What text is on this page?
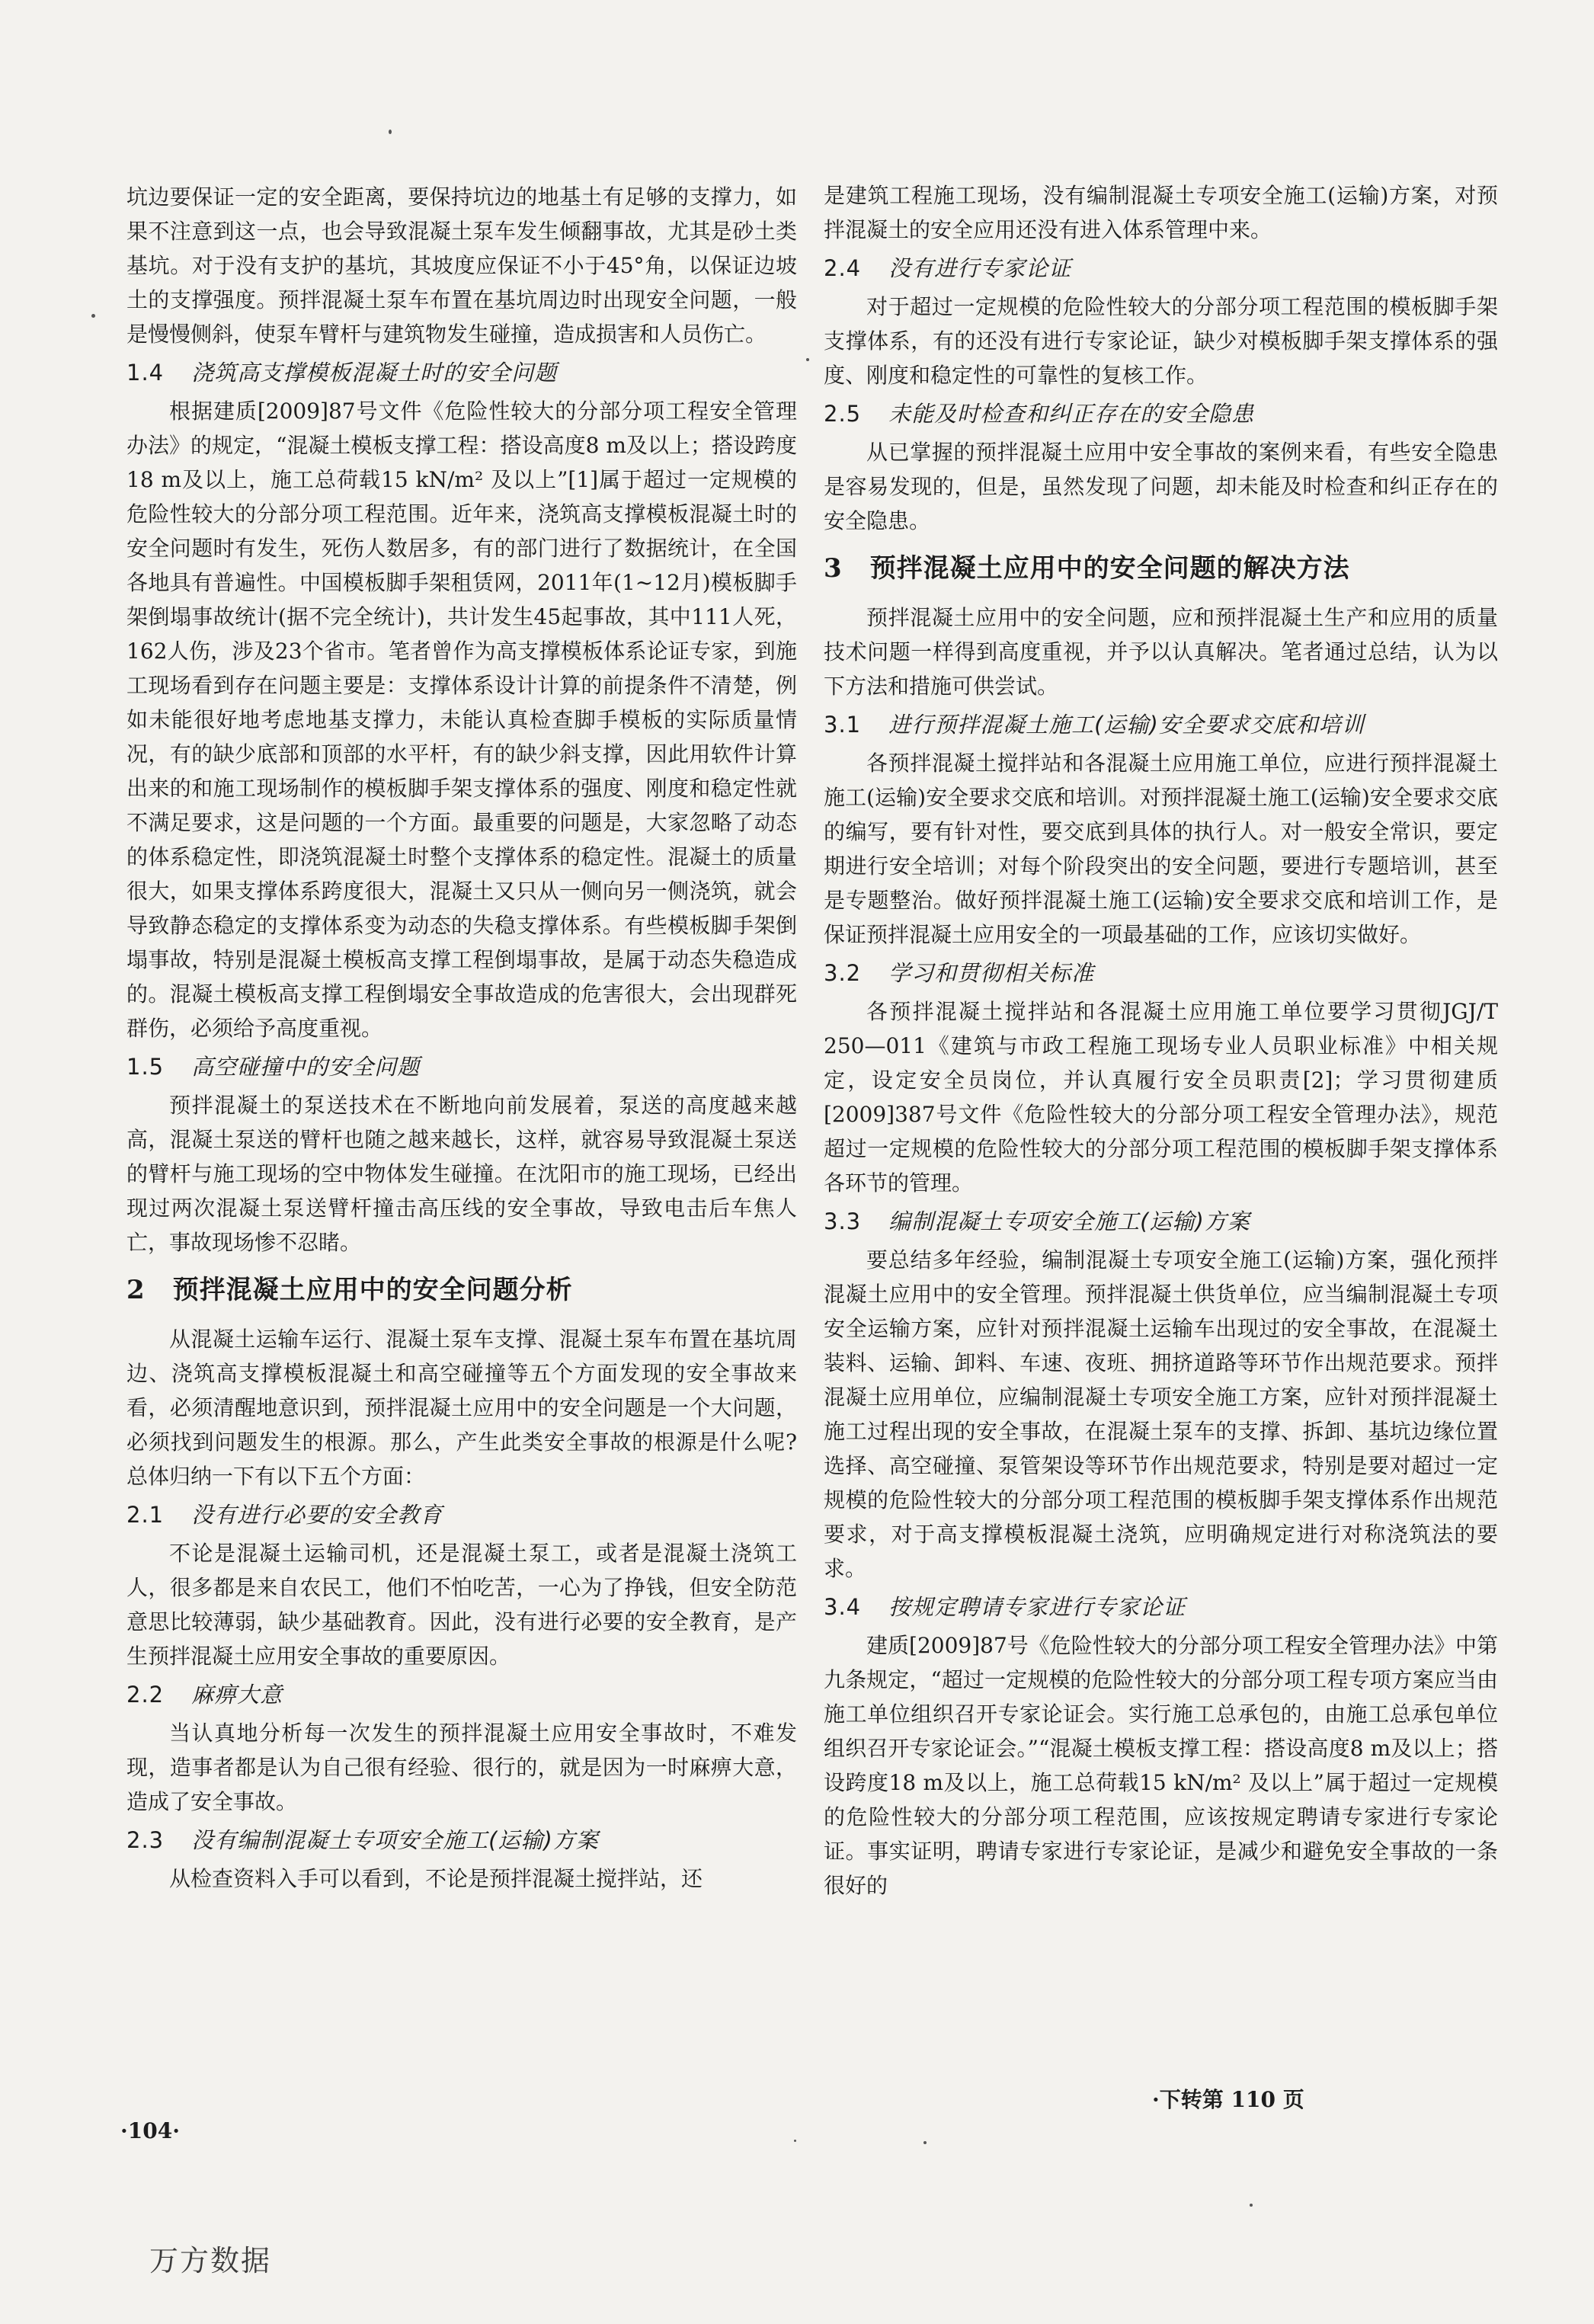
坑边要保证一定的安全距离，要保持坑边的地基土有足够的支撑力，如果不注意到这一点，也会导致混凝土泵车发生倾翻事故，尤其是砂土类基坑。对于没有支护的基坑，其坡度应保证不小于45°角，以保证边坡土的支撑强度。预拌混凝土泵车布置在基坑周边时出现安全问题，一般是慢慢侧斜，使泵车臂杆与建筑物发生碰撞，造成损害和人员伤亡。

1.4 浇筑高支撑模板混凝土时的安全问题

根据建质[2009]87号文件《危险性较大的分部分项工程安全管理办法》的规定，“混凝土模板支撑工程：搭设高度8 m及以上；搭设跨度18 m及以上，施工总荷载15 kN/m² 及以上”[1]属于超过一定规模的危险性较大的分部分项工程范围。近年来，浇筑高支撑模板混凝土时的安全问题时有发生，死伤人数居多，有的部门进行了数据统计，在全国各地具有普遍性。中国模板脚手架租赁网，2011年(1~12月)模板脚手架倒塌事故统计(据不完全统计)，共计发生45起事故，其中111人死，162人伤，涉及23个省市。笔者曾作为高支撑模板体系论证专家，到施工现场看到存在问题主要是：支撑体系设计计算的前提条件不清楚，例如未能很好地考虑地基支撑力，未能认真检查脚手模板的实际质量情况，有的缺少底部和顶部的水平杆，有的缺少斜支撑，因此用软件计算出来的和施工现场制作的模板脚手架支撑体系的强度、刚度和稳定性就不满足要求，这是问题的一个方面。最重要的问题是，大家忽略了动态的体系稳定性，即浇筑混凝土时整个支撑体系的稳定性。混凝土的质量很大，如果支撑体系跨度很大，混凝土又只从一侧向另一侧浇筑，就会导致静态稳定的支撑体系变为动态的失稳支撑体系。有些模板脚手架倒塌事故，特别是混凝土模板高支撑工程倒塌事故，是属于动态失稳造成的。混凝土模板高支撑工程倒塌安全事故造成的危害很大，会出现群死群伤，必须给予高度重视。

1.5 高空碰撞中的安全问题

预拌混凝土的泵送技术在不断地向前发展着，泵送的高度越来越高，混凝土泵送的臂杆也随之越来越长，这样，就容易导致混凝土泵送的臂杆与施工现场的空中物体发生碰撞。在沈阳市的施工现场，已经出现过两次混凝土泵送臂杆撞击高压线的安全事故，导致电击后车焦人亡，事故现场惨不忍睹。

2 预拌混凝土应用中的安全问题分析

从混凝土运输车运行、混凝土泵车支撑、混凝土泵车布置在基坑周边、浇筑高支撑模板混凝土和高空碰撞等五个方面发现的安全事故来看，必须清醒地意识到，预拌混凝土应用中的安全问题是一个大问题，必须找到问题发生的根源。那么，产生此类安全事故的根源是什么呢?总体归纳一下有以下五个方面：

2.1 没有进行必要的安全教育

不论是混凝土运输司机，还是混凝土泵工，或者是混凝土浇筑工人，很多都是来自农民工，他们不怕吃苦，一心为了挣钱，但安全防范意思比较薄弱，缺少基础教育。因此，没有进行必要的安全教育，是产生预拌混凝土应用安全事故的重要原因。

2.2 麻痹大意

当认真地分析每一次发生的预拌混凝土应用安全事故时，不难发现，造事者都是认为自己很有经验、很行的，就是因为一时麻痹大意，造成了安全事故。

2.3 没有编制混凝土专项安全施工(运输)方案

从检查资料入手可以看到，不论是预拌混凝土搅拌站，还

是建筑工程施工现场，没有编制混凝土专项安全施工(运输)方案，对预拌混凝土的安全应用还没有进入体系管理中来。

2.4 没有进行专家论证

对于超过一定规模的危险性较大的分部分项工程范围的模板脚手架支撑体系，有的还没有进行专家论证，缺少对模板脚手架支撑体系的强度、刚度和稳定性的可靠性的复核工作。

2.5 未能及时检查和纠正存在的安全隐患

从已掌握的预拌混凝土应用中安全事故的案例来看，有些安全隐患是容易发现的，但是，虽然发现了问题，却未能及时检查和纠正存在的安全隐患。

3 预拌混凝土应用中的安全问题的解决方法

预拌混凝土应用中的安全问题，应和预拌混凝土生产和应用的质量技术问题一样得到高度重视，并予以认真解决。笔者通过总结，认为以下方法和措施可供尝试。

3.1 进行预拌混凝土施工(运输)安全要求交底和培训

各预拌混凝土搅拌站和各混凝土应用施工单位，应进行预拌混凝土施工(运输)安全要求交底和培训。对预拌混凝土施工(运输)安全要求交底的编写，要有针对性，要交底到具体的执行人。对一般安全常识，要定期进行安全培训；对每个阶段突出的安全问题，要进行专题培训，甚至是专题整治。做好预拌混凝土施工(运输)安全要求交底和培训工作，是保证预拌混凝土应用安全的一项最基础的工作，应该切实做好。

3.2 学习和贯彻相关标准

各预拌混凝土搅拌站和各混凝土应用施工单位要学习贯彻JGJ/T 250—011《建筑与市政工程施工现场专业人员职业标准》中相关规定，设定安全员岗位，并认真履行安全员职责[2]；学习贯彻建质[2009]387号文件《危险性较大的分部分项工程安全管理办法》，规范超过一定规模的危险性较大的分部分项工程范围的模板脚手架支撑体系各环节的管理。

3.3 编制混凝土专项安全施工(运输)方案

要总结多年经验，编制混凝土专项安全施工(运输)方案，强化预拌混凝土应用中的安全管理。预拌混凝土供货单位，应当编制混凝土专项安全运输方案，应针对预拌混凝土运输车出现过的安全事故，在混凝土装料、运输、卸料、车速、夜班、拥挤道路等环节作出规范要求。预拌混凝土应用单位，应编制混凝土专项安全施工方案，应针对预拌混凝土施工过程出现的安全事故，在混凝土泵车的支撑、拆卸、基坑边缘位置选择、高空碰撞、泵管架设等环节作出规范要求，特别是要对超过一定规模的危险性较大的分部分项工程范围的模板脚手架支撑体系作出规范要求，对于高支撑模板混凝土浇筑，应明确规定进行对称浇筑法的要求。

3.4 按规定聘请专家进行专家论证

建质[2009]87号《危险性较大的分部分项工程安全管理办法》中第九条规定，“超过一定规模的危险性较大的分部分项工程专项方案应当由施工单位组织召开专家论证会。实行施工总承包的，由施工总承包单位组织召开专家论证会。”“混凝土模板支撑工程：搭设高度8 m及以上；搭设跨度18 m及以上，施工总荷载15 kN/m² 及以上”属于超过一定规模的危险性较大的分部分项工程范围，应该按规定聘请专家进行专家论证。事实证明，聘请专家进行专家论证，是减少和避免安全事故的一条很好的

·104·
·下转第 110 页
万方数据
